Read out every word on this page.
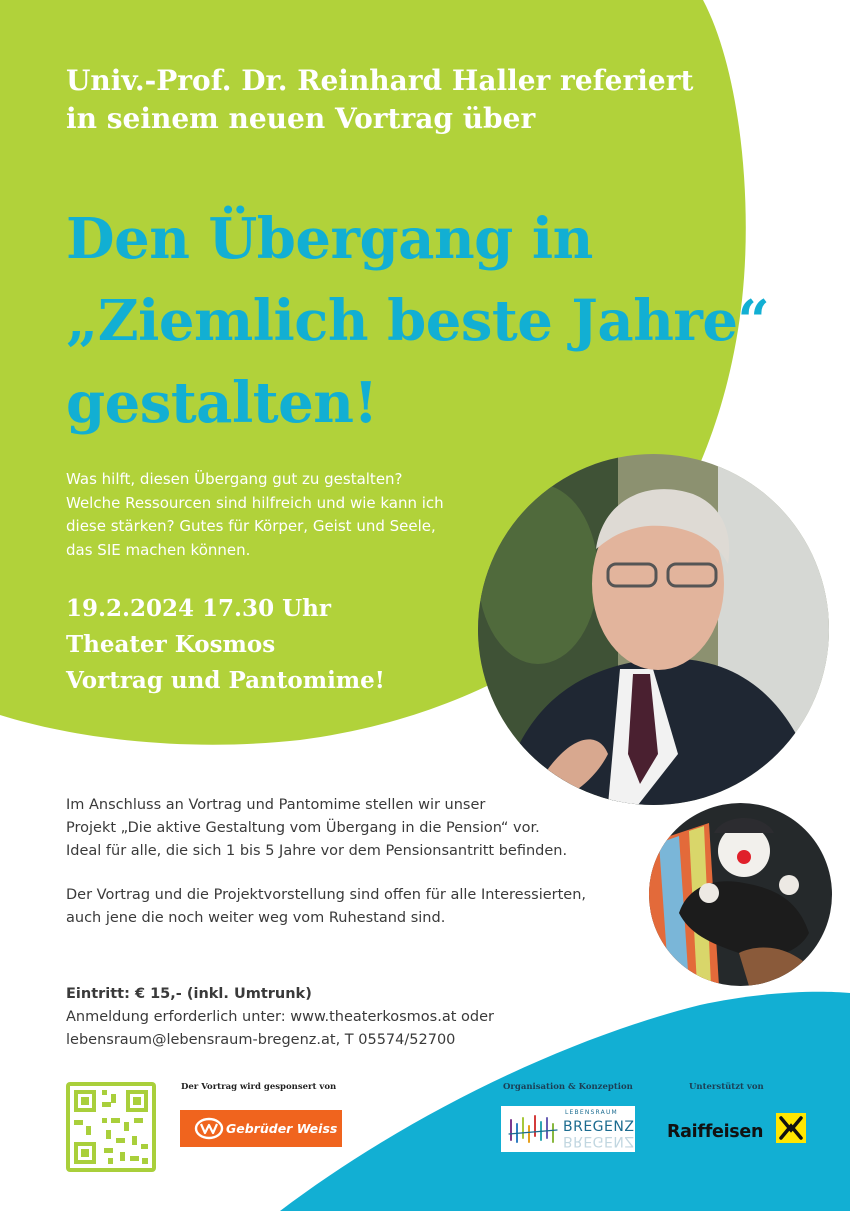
Univ.-Prof. Dr. Reinhard Haller referiert
in seinem neuen Vortrag über

Den Übergang in
„Ziemlich beste Jahre“
gestalten!

Was hilft, diesen Übergang gut zu gestalten? Welche Ressourcen sind hilfreich und wie kann ich diese stärken? Gutes für Körper, Geist und Seele, das SIE machen können.

19.2.2024 17.30 Uhr
Theater Kosmos
Vortrag und Pantomime!

Im Anschluss an Vortrag und Pantomime stellen wir unser
Projekt „Die aktive Gestaltung vom Übergang in die Pension“ vor.
Ideal für alle, die sich 1 bis 5 Jahre vor dem Pensionsantritt befinden.

Der Vortrag und die Projektvorstellung sind offen für alle Interessierten,
auch jene die noch weiter weg vom Ruhestand sind.

Eintritt: € 15,- (inkl. Umtrunk)
Anmeldung erforderlich unter: www.theaterkosmos.at oder
lebensraum@lebensraum-bregenz.at, T 05574/52700

Der Vortrag wird gesponsert von

Gebrüder Weiss

Organisation & Konzeption

LEBENSRAUM
BREGENZ
BREGENZ

Unterstützt von

Raiffeisen
